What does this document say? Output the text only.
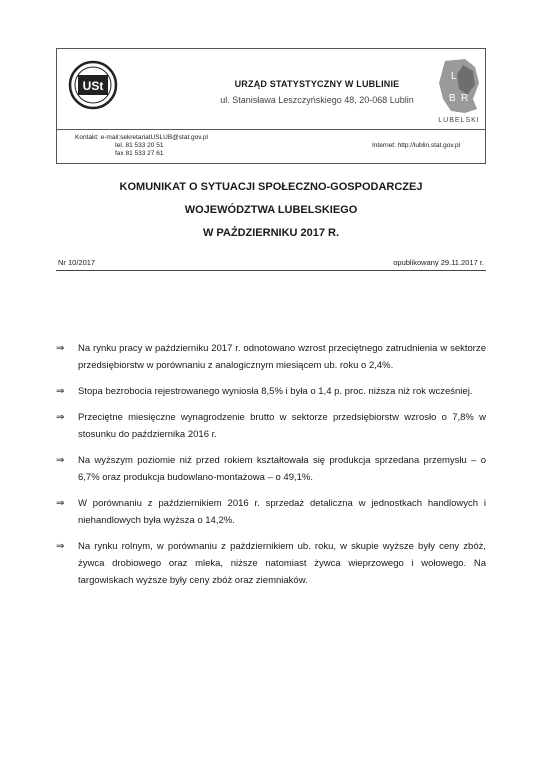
USt	URZĄD STATYSTYCZNY W LUBLINIE
ul. Stanisława Leszczyńskiego 48, 20-068 Lublin
L
B R
LUBELSKI
Kontakt: e-mail:sekretariatUSLUB@stat.gov.pl
tel. 81 533 20 51
fax 81 533 27 61
Internet: http://lublin.stat.gov.pl
KOMUNIKAT O SYTUACJI SPOŁECZNO-GOSPODARCZEJ
WOJEWÓDZTWA LUBELSKIEGO
W PAŹDZIERNIKU 2017 R.
Nr 10/2017	opublikowany 29.11.2017 r.
⇒ Na rynku pracy w październiku 2017 r. odnotowano wzrost przeciętnego zatrudnienia w sektorze przedsiębiorstw w porównaniu z analogicznym miesiącem ub. roku o 2,4%.
⇒ Stopa bezrobocia rejestrowanego wyniosła 8,5% i była o 1,4 p. proc. niższa niż rok wcześniej.
⇒ Przeciętne miesięczne wynagrodzenie brutto w sektorze przedsiębiorstw wzrosło o 7,8% w stosunku do października 2016 r.
⇒ Na wyższym poziomie niż przed rokiem kształtowała się produkcja sprzedana przemysłu – o 6,7% oraz produkcja budowlano-montażowa – o 49,1%.
⇒ W porównaniu z październikiem 2016 r. sprzedaż detaliczna w jednostkach handlowych i niehandlowych była wyższa o 14,2%.
⇒ Na rynku rolnym, w porównaniu z październikiem ub. roku, w skupie wyższe były ceny zbóż, żywca drobiowego oraz mleka, niższe natomiast żywca wieprzowego i wołowego. Na targowiskach wyższe były ceny zbóż oraz ziemniaków.
